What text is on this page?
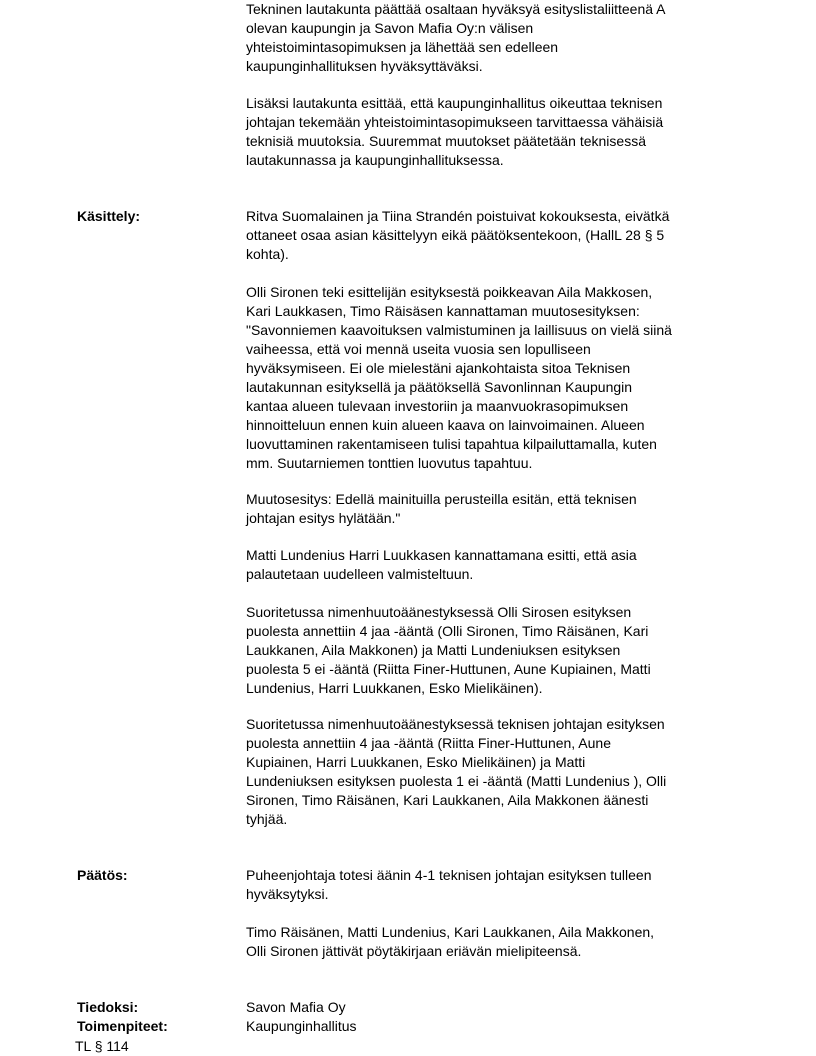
Tekninen lautakunta päättää osaltaan hyväksyä esityslistaliitteenä A
olevan kaupungin ja Savon Mafia Oy:n välisen
yhteistoimintasopimuksen ja lähettää sen edelleen
kaupunginhallituksen hyväksyttäväksi.
Lisäksi lautakunta esittää, että kaupunginhallitus oikeuttaa teknisen
johtajan tekemään yhteistoimintasopimukseen tarvittaessa vähäisiä
teknisiä muutoksia. Suuremmat muutokset päätetään teknisessä
lautakunnassa ja kaupunginhallituksessa.
Käsittely:	Ritva Suomalainen ja Tiina Strandén poistuivat kokouksesta, eivätkä
ottaneet osaa asian käsittelyyn eikä päätöksentekoon, (HallL 28 § 5
kohta).
Olli Sironen teki esittelijän esityksestä poikkeavan Aila Makkosen,
Kari Laukkasen, Timo Räisäsen kannattaman muutosesityksen:
"Savonniemen kaavoituksen valmistuminen ja laillisuus on vielä siinä
vaiheessa, että voi mennä useita vuosia sen lopulliseen
hyväksymiseen. Ei ole mielestäni ajankohtaista sitoa Teknisen
lautakunnan esityksellä ja päätöksellä Savonlinnan Kaupungin
kantaa alueen tulevaan investoriin ja maanvuokrasopimuksen
hinnoitteluun ennen kuin alueen kaava on lainvoimainen. Alueen
luovuttaminen rakentamiseen tulisi tapahtua kilpailuttamalla, kuten
mm. Suutarniemen tonttien luovutus tapahtuu.
Muutosesitys: Edellä mainituilla perusteilla esitän, että teknisen
johtajan esitys hylätään."
Matti Lundenius Harri Luukkasen kannattamana esitti, että asia
palautetaan uudelleen valmisteltuun.
Suoritetussa nimenhuutoäänestyksessä Olli Sirosen esityksen
puolesta annettiin 4 jaa -ääntä (Olli Sironen, Timo Räisänen, Kari
Laukkanen, Aila Makkonen) ja Matti Lundeniuksen esityksen
puolesta 5 ei -ääntä (Riitta Finer-Huttunen, Aune Kupiainen, Matti
Lundenius, Harri Luukkanen, Esko Mielikäinen).
Suoritetussa nimenhuutoäänestyksessä teknisen johtajan esityksen
puolesta annettiin 4 jaa -ääntä (Riitta Finer-Huttunen, Aune
Kupiainen, Harri Luukkanen, Esko Mielikäinen) ja Matti
Lundeniuksen esityksen puolesta 1 ei -ääntä (Matti Lundenius ), Olli
Sironen, Timo Räisänen, Kari Laukkanen, Aila Makkonen äänesti
tyhjää.
Päätös:	Puheenjohtaja totesi äänin 4-1 teknisen johtajan esityksen tulleen
hyväksytyksi.
Timo Räisänen, Matti Lundenius, Kari Laukkanen, Aila Makkonen,
Olli Sironen jättivät pöytäkirjaan eriävän mielipiteensä.
Tiedoksi:	Savon Mafia Oy
Toimenpiteet:	Kaupunginhallitus
TL § 114
